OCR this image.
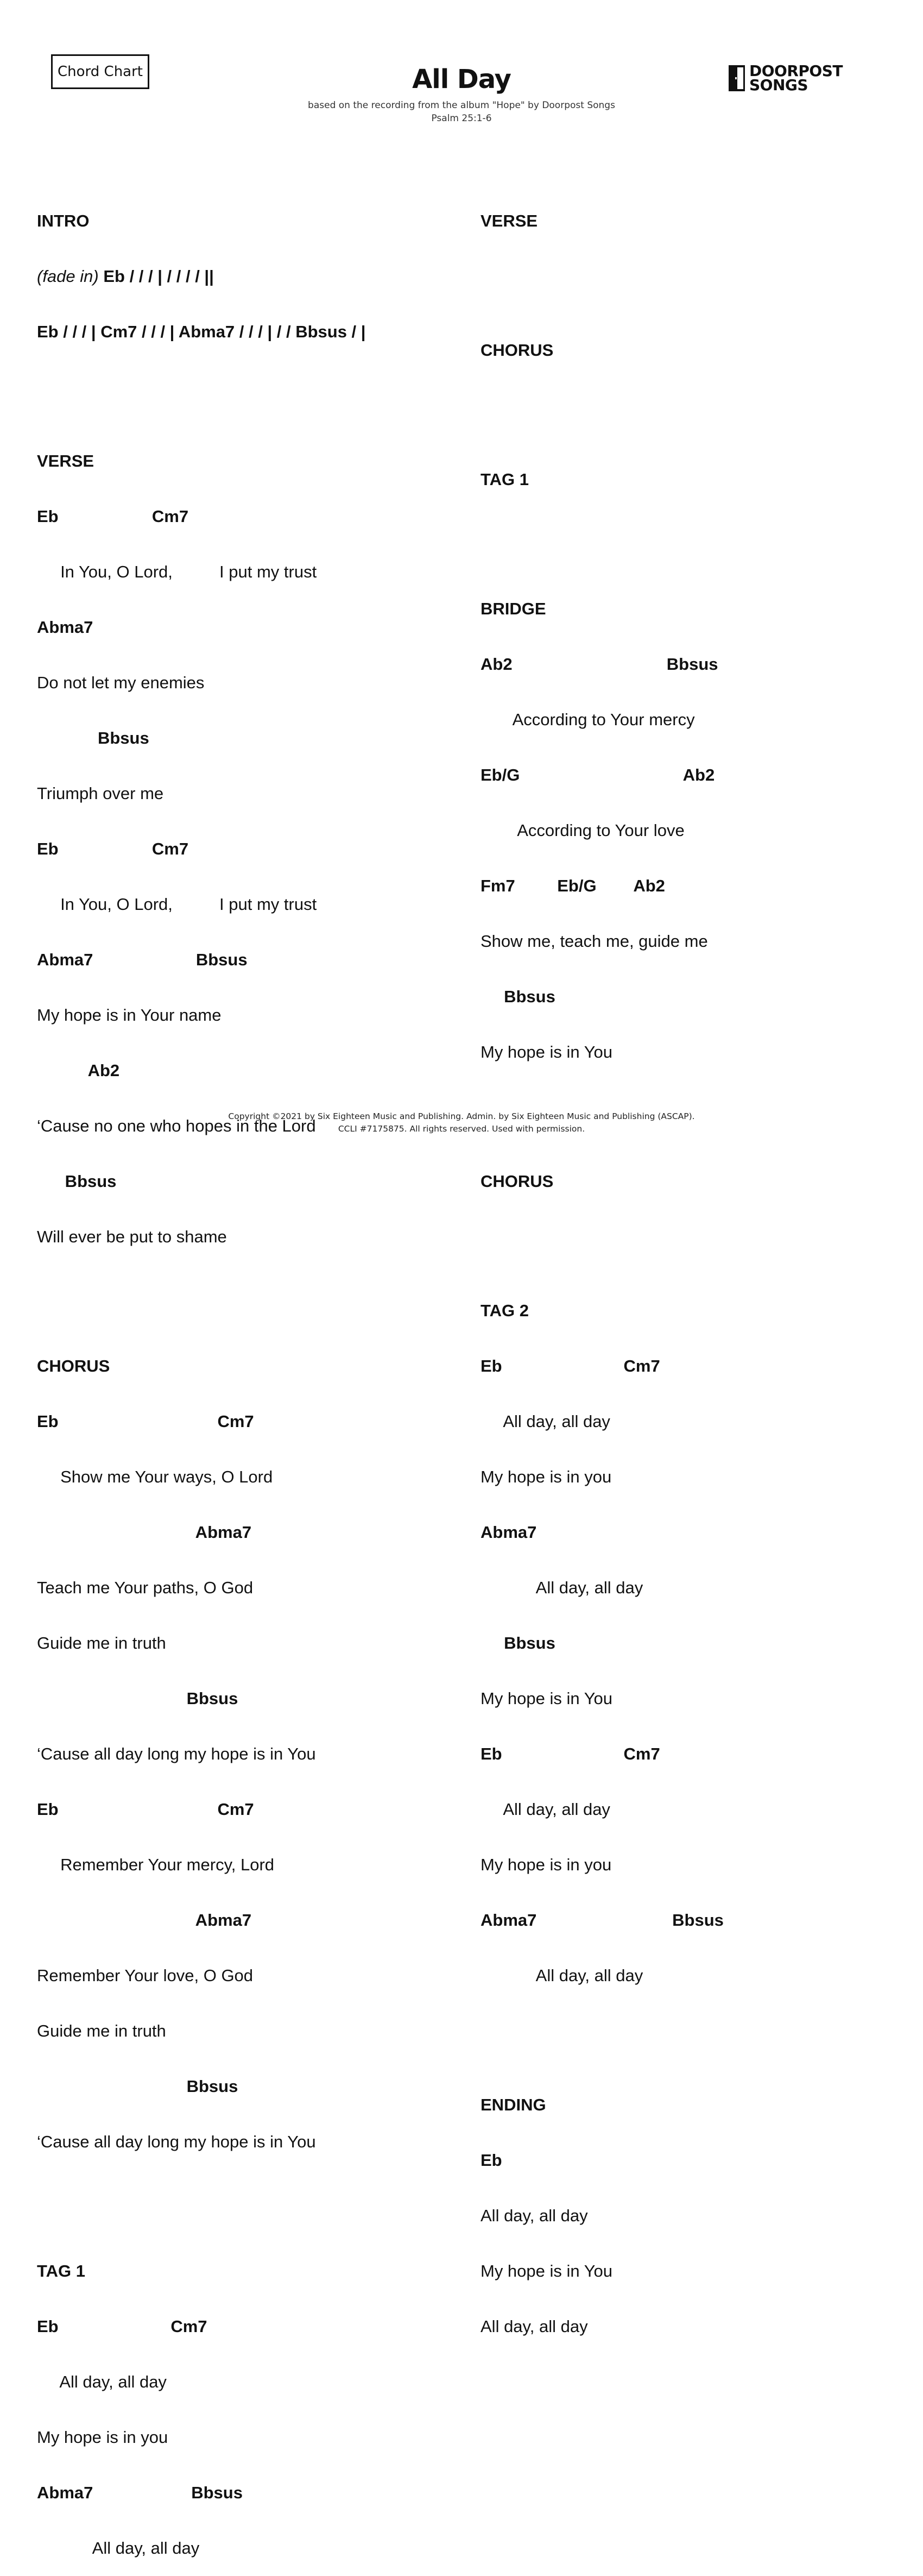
Chord Chart	All Day
based on the recording from the album "Hope" by Doorpost Songs
Psalm 25:1-6
DOORPOST
SONGS

INTRO

(fade in) Eb / / / | / / / / ||

Eb / / / | Cm7 / / / | Abma7 / / / | / / Bbsus / |

VERSE

Eb                    Cm7

In You, O Lord,          I put my trust

Abma7

Do not let my enemies

Bbsus

Triumph over me

Eb                    Cm7

In You, O Lord,          I put my trust

Abma7                      Bbsus

My hope is in Your name

Ab2

‘Cause no one who hopes in the Lord

Bbsus

Will ever be put to shame

CHORUS

Eb                                  Cm7

Show me Your ways, O Lord

Abma7

Teach me Your paths, O God

Guide me in truth

Bbsus

‘Cause all day long my hope is in You

Eb                                  Cm7

Remember Your mercy, Lord

Abma7

Remember Your love, O God

Guide me in truth

Bbsus

‘Cause all day long my hope is in You

TAG 1

Eb                        Cm7

All day, all day

My hope is in you

Abma7                     Bbsus

All day, all day

VERSE

CHORUS

TAG 1

BRIDGE

Ab2                                 Bbsus

According to Your mercy

Eb/G                                   Ab2

According to Your love

Fm7         Eb/G        Ab2

Show me, teach me, guide me

Bbsus

My hope is in You

CHORUS

TAG 2

Eb                          Cm7

All day, all day

My hope is in you

Abma7

All day, all day

Bbsus

My hope is in You

Eb                          Cm7

All day, all day

My hope is in you

Abma7                             Bbsus

All day, all day

ENDING

Eb

All day, all day

My hope is in You

All day, all day

Copyright ©2021 by Six Eighteen Music and Publishing. Admin. by Six Eighteen Music and Publishing (ASCAP).
CCLI #7175875. All rights reserved. Used with permission.
